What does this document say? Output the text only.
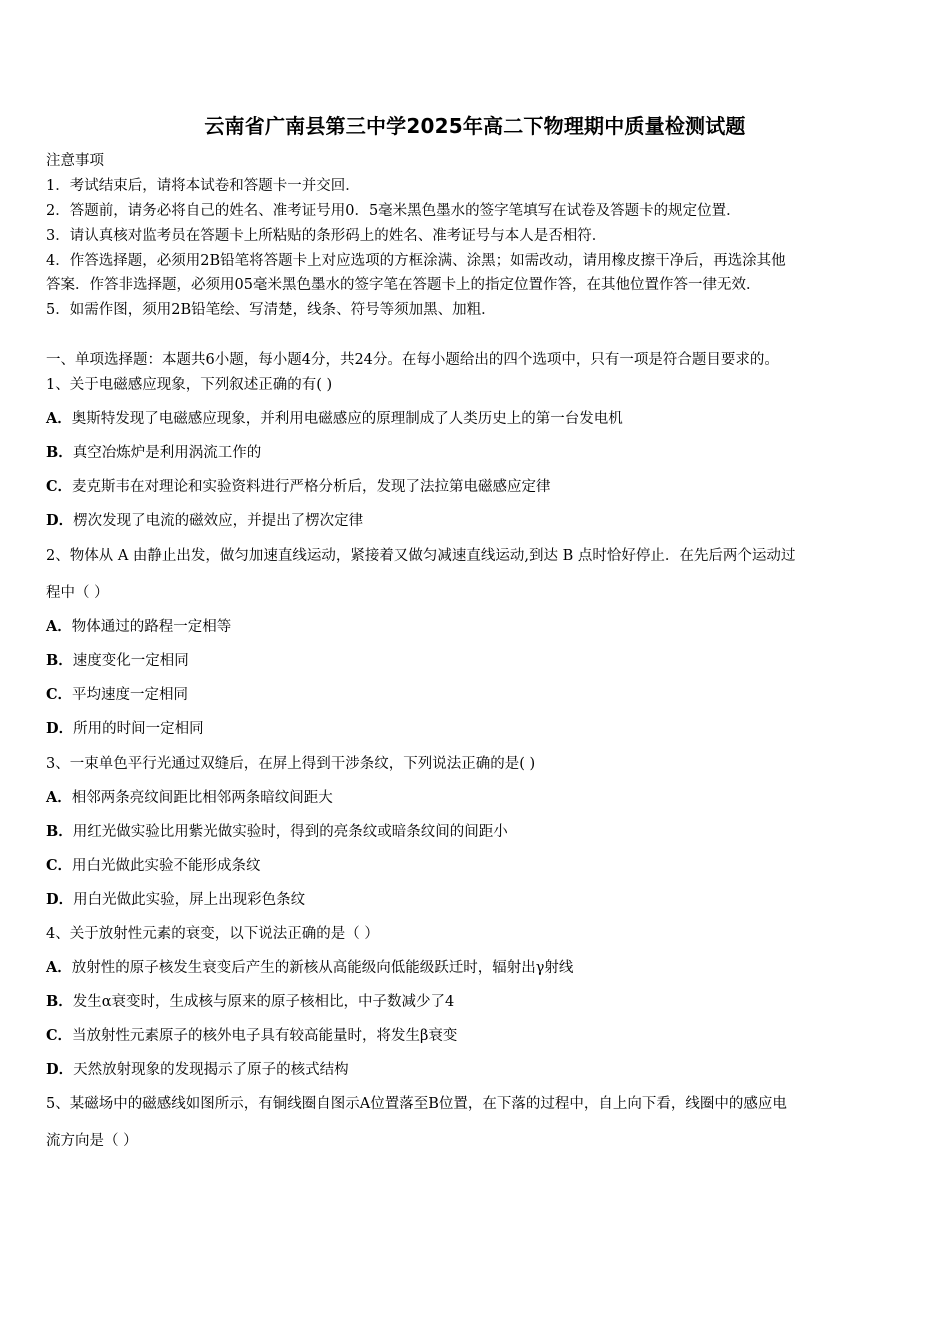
云南省广南县第三中学2025年高二下物理期中质量检测试题
注意事项
1．考试结束后，请将本试卷和答题卡一并交回．
2．答题前，请务必将自己的姓名、准考证号用0．5毫米黑色墨水的签字笔填写在试卷及答题卡的规定位置．
3．请认真核对监考员在答题卡上所粘贴的条形码上的姓名、准考证号与本人是否相符．
4．作答选择题，必须用2B铅笔将答题卡上对应选项的方框涂满、涂黑；如需改动，请用橡皮擦干净后，再选涂其他
答案．作答非选择题，必须用05毫米黑色墨水的签字笔在答题卡上的指定位置作答，在其他位置作答一律无效．
5．如需作图，须用2B铅笔绘、写清楚，线条、符号等须加黑、加粗．
一、单项选择题：本题共6小题，每小题4分，共24分。在每小题给出的四个选项中，只有一项是符合题目要求的。
1、关于电磁感应现象，下列叙述正确的有( )
A．奥斯特发现了电磁感应现象，并利用电磁感应的原理制成了人类历史上的第一台发电机
B．真空冶炼炉是利用涡流工作的
C．麦克斯韦在对理论和实验资料进行严格分析后，发现了法拉第电磁感应定律
D．楞次发现了电流的磁效应，并提出了楞次定律
2、物体从 A 由静止出发，做匀加速直线运动，紧接着又做匀减速直线运动,到达 B 点时恰好停止．在先后两个运动过
程中（ ）
A．物体通过的路程一定相等
B．速度变化一定相同
C．平均速度一定相同
D．所用的时间一定相同
3、一束单色平行光通过双缝后，在屏上得到干涉条纹，下列说法正确的是( )
A．相邻两条亮纹间距比相邻两条暗纹间距大
B．用红光做实验比用紫光做实验时，得到的亮条纹或暗条纹间的间距小
C．用白光做此实验不能形成条纹
D．用白光做此实验，屏上出现彩色条纹
4、关于放射性元素的衰变，以下说法正确的是（ ）
A．放射性的原子核发生衰变后产生的新核从高能级向低能级跃迁时，辐射出γ射线
B．发生α衰变时，生成核与原来的原子核相比，中子数减少了4
C．当放射性元素原子的核外电子具有较高能量时，将发生β衰变
D．天然放射现象的发现揭示了原子的核式结构
5、某磁场中的磁感线如图所示，有铜线圈自图示A位置落至B位置，在下落的过程中，自上向下看，线圈中的感应电
流方向是（ ）
